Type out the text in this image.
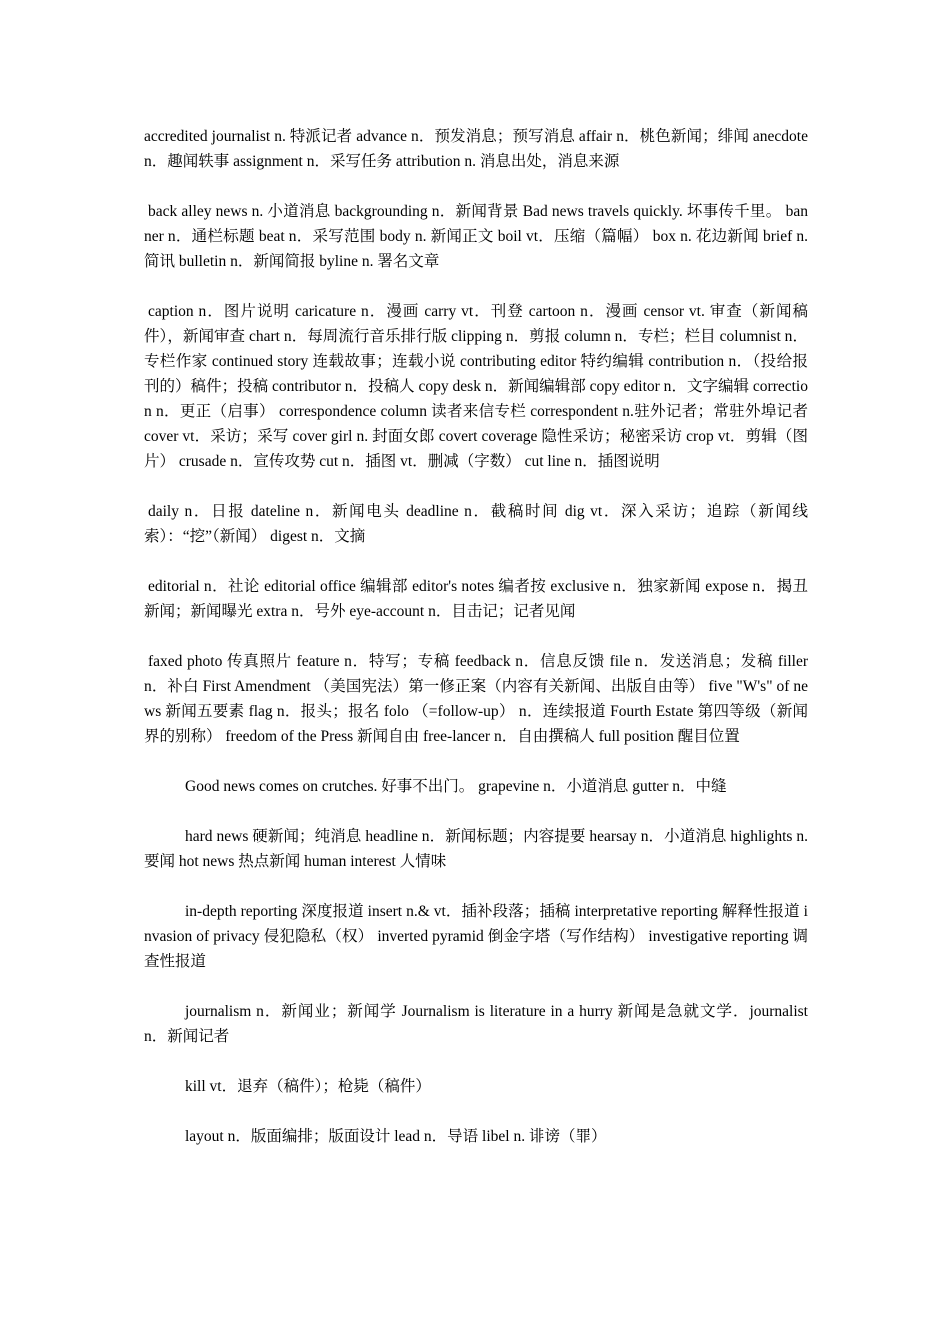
accredited journalist n. 特派记者 advance n．预发消息；预写消息 affair n．桃色新闻；绯闻 anecdote n．趣闻轶事 assignment n．采写任务 attribution n. 消息出处，消息来源

back alley news n. 小道消息 backgrounding n．新闻背景 Bad news travels quickly. 坏事传千里。 banner n．通栏标题 beat n．采写范围 body n. 新闻正文 boil vt．压缩（篇幅） box n. 花边新闻 brief n. 简讯 bulletin n．新闻简报 byline n. 署名文章

caption n．图片说明 caricature n．漫画 carry vt．刊登 cartoon n．漫画 censor vt. 审查（新闻稿件），新闻审查 chart n．每周流行音乐排行版 clipping n．剪报 column n．专栏；栏目 columnist n．专栏作家 continued story 连载故事；连载小说 contributing editor 特约编辑 contribution n．（投给报刊的）稿件；投稿 contributor n．投稿人 copy desk n．新闻编辑部 copy editor n．文字编辑 correction n．更正（启事） correspondence column 读者来信专栏 correspondent n.驻外记者；常驻外埠记者 cover vt．采访；采写 cover girl n. 封面女郎 covert coverage 隐性采访；秘密采访 crop vt．剪辑（图片） crusade n．宣传攻势 cut n．插图 vt．删减（字数） cut line n．插图说明

daily n．日报 dateline n．新闻电头 deadline n．截稿时间 dig vt．深入采访；追踪（新闻线索）：“挖”（新闻） digest n．文摘

editorial n．社论 editorial office 编辑部 editor's notes 编者按 exclusive n．独家新闻 expose n．揭丑新闻；新闻曝光 extra n．号外 eye-account n．目击记；记者见闻

faxed photo 传真照片 feature n．特写；专稿 feedback n．信息反馈 file n．发送消息；发稿 filler n．补白 First Amendment （美国宪法）第一修正案（内容有关新闻、出版自由等） five "W's" of news 新闻五要素 flag n．报头；报名 folo （=follow-up） n．连续报道 Fourth Estate 第四等级（新闻界的别称） freedom of the Press 新闻自由 free-lancer n．自由撰稿人 full position 醒目位置

Good news comes on crutches. 好事不出门。 grapevine n．小道消息 gutter n．中缝

hard news 硬新闻；纯消息 headline n．新闻标题；内容提要 hearsay n．小道消息 highlights n. 要闻 hot news 热点新闻 human interest 人情味

in-depth reporting 深度报道 insert n.& vt．插补段落；插稿 interpretative reporting 解释性报道 invasion of privacy 侵犯隐私（权） inverted pyramid 倒金字塔（写作结构） investigative reporting 调查性报道

journalism n．新闻业；新闻学 Journalism is literature in a hurry 新闻是急就文学．journalist n．新闻记者

kill vt．退弃（稿件）；枪毙（稿件）

layout n．版面编排；版面设计 lead n．导语 libel n. 诽谤（罪）
